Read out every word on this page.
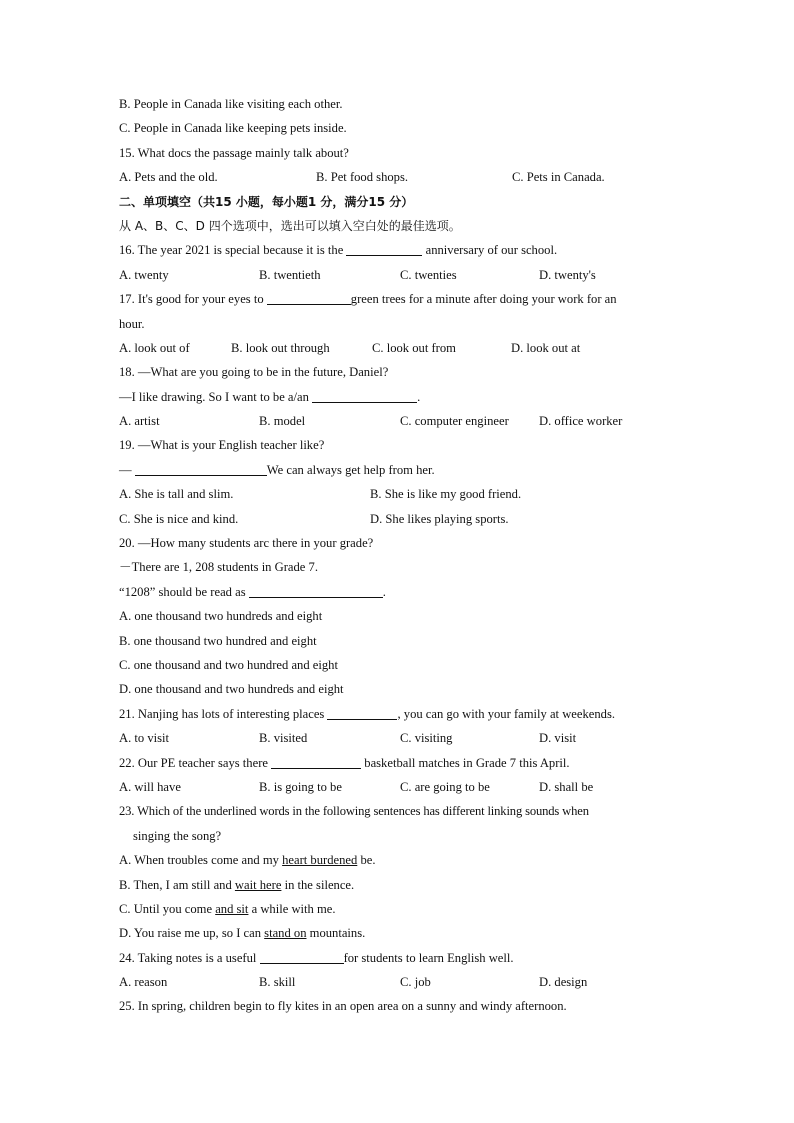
B. People in Canada like visiting each other.
C. People in Canada like keeping pets inside.
15. What docs the passage mainly talk about?
A. Pets and the old.	B. Pet food shops.	C. Pets in Canada.
二、单项填空（共15 小题，每小题1 分，满分15 分）
从 A、B、C、D 四个选项中，选出可以填入空白处的最佳选项。
16. The year 2021 is special because it is the	anniversary of our school.
A. twenty	B. twentieth	C. twenties	D. twenty's
17. It's good for your eyes to	green trees for a minute after doing your work for an
hour.
A. look out of	B. look out through	C. look out from	D. look out at
18. —What are you going to be in the future, Daniel?
—I like drawing. So I want to be a/an	.
A. artist	B. model	C. computer engineer D. office worker
19. —What is your English teacher like?
—	We can always get help from her.
A. She is tall and slim.	B. She is like my good friend.
C. She is nice and kind.	D. She likes playing sports.
20. —How many students arc there in your grade?
－There are 1, 208 students in Grade 7.
“1208” should be read as	.
A. one thousand two hundreds and eight
B. one thousand two hundred and eight
C. one thousand and two hundred and eight
D. one thousand and two hundreds and eight
21. Nanjing has lots of interesting places	, you can go with your family at weekends.
A. to visit	B. visited	C. visiting	D. visit
22. Our PE teacher says there	basketball matches in Grade 7 this April.
A. will have	B. is going to be	C. are going to be	D. shall be
23. Which of the underlined words in the following sentences has different linking sounds when
singing the song?
A. When troubles come and my heart burdened be.
B. Then, I am still and wait here in the silence.
C. Until you come and sit a while with me.
D. You raise me up, so I can stand on mountains.
24. Taking notes is a useful	for students to learn English well.
A. reason	B. skill	C. job	D. design
25. In spring, children begin to fly kites in an open area on a sunny and windy afternoon.
